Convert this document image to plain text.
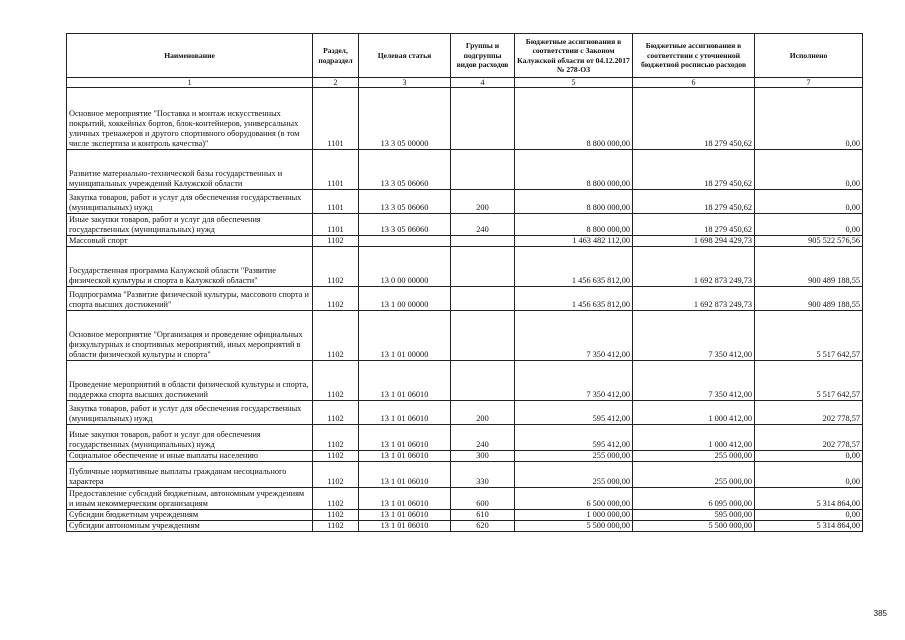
Наименование	Раздел, подраздел	Целевая статья	Группы и подгруппы видов расходов	Бюджетные ассигнования в соответствии с Законом Калужской области от 04.12.2017 № 278-ОЗ	Бюджетные ассигнования в соответствии с уточненной бюджетной росписью расходов	Исполнено
1	2	3	4	5	6	7
Основное мероприятие "Поставка и монтаж искусственных покрытий, хоккейных бортов, блок-контейнеров, универсальных уличных тренажеров и другого спортивного оборудования (в том числе экспертиза и контроль качества)"	1101	13 3 05 00000		8 800 000,00	18 279 450,62	0,00
Развитие материально-технической базы государственных и муниципальных учреждений Калужской области	1101	13 3 05 06060		8 800 000,00	18 279 450,62	0,00
Закупка товаров, работ и услуг для обеспечения государственных (муниципальных) нужд	1101	13 3 05 06060	200	8 800 000,00	18 279 450,62	0,00
Иные закупки товаров, работ и услуг для обеспечения государственных (муниципальных) нужд	1101	13 3 05 06060	240	8 800 000,00	18 279 450,62	0,00
Массовый спорт	1102			1 463 482 112,00	1 698 294 429,73	905 522 576,56
Государственная программа Калужской области "Развитие физической культуры и спорта в Калужской области"	1102	13 0 00 00000		1 456 635 812,00	1 692 873 249,73	900 489 188,55
Подпрограмма "Развитие физической культуры, массового спорта и спорта высших достижений"	1102	13 1 00 00000		1 456 635 812,00	1 692 873 249,73	900 489 188,55
Основное мероприятие "Организация и проведение официальных физкультурных и спортивных мероприятий, иных мероприятий в области физической культуры и спорта"	1102	13 1 01 00000		7 350 412,00	7 350 412,00	5 517 642,57
Проведение мероприятий в области физической культуры и спорта, поддержка спорта высших достижений	1102	13 1 01 06010		7 350 412,00	7 350 412,00	5 517 642,57
Закупка товаров, работ и услуг для обеспечения государственных (муниципальных) нужд	1102	13 1 01 06010	200	595 412,00	1 000 412,00	202 778,57
Иные закупки товаров, работ и услуг для обеспечения государственных (муниципальных) нужд	1102	13 1 01 06010	240	595 412,00	1 000 412,00	202 778,57
Социальное обеспечение и иные выплаты населению	1102	13 1 01 06010	300	255 000,00	255 000,00	0,00
Публичные нормативные выплаты гражданам несоциального характера	1102	13 1 01 06010	330	255 000,00	255 000,00	0,00
Предоставление субсидий бюджетным, автономным учреждениям и иным некоммерческим организациям	1102	13 1 01 06010	600	6 500 000,00	6 095 000,00	5 314 864,00
Субсидии бюджетным учреждениям	1102	13 1 01 06010	610	1 000 000,00	595 000,00	0,00
Субсидии автономным учреждениям	1102	13 1 01 06010	620	5 500 000,00	5 500 000,00	5 314 864,00
385
